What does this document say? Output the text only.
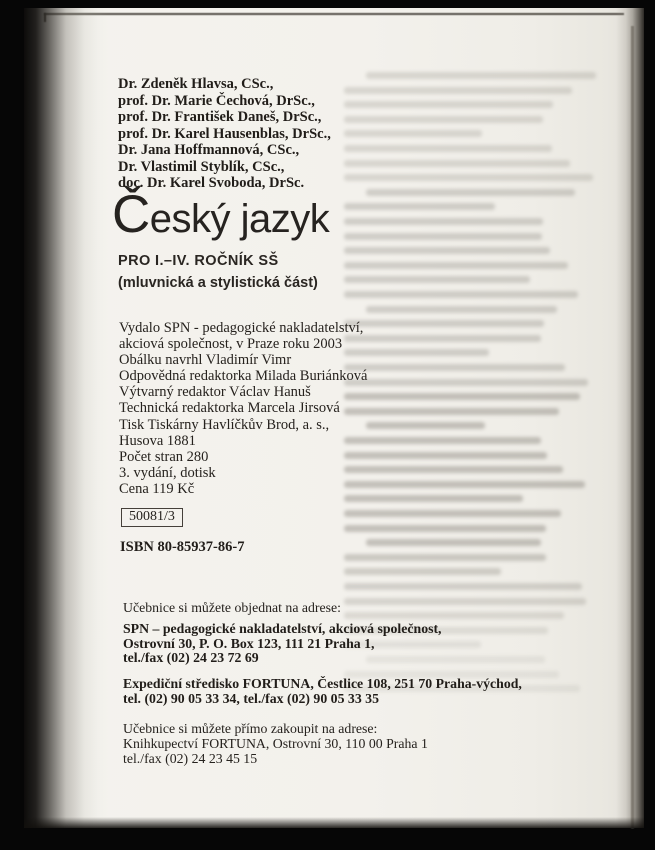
Dr. Zdeněk Hlavsa, CSc.,
prof. Dr. Marie Čechová, DrSc.,
prof. Dr. František Daneš, DrSc.,
prof. Dr. Karel Hausenblas, DrSc.,
Dr. Jana Hoffmannová, CSc.,
Dr. Vlastimil Styblík, CSc.,
doc. Dr. Karel Svoboda, DrSc.
Český jazyk
PRO I.–IV. ROČNÍK SŠ
(mluvnická a stylistická část)
Vydalo SPN - pedagogické nakladatelství,
akciová společnost, v Praze roku 2003
Obálku navrhl Vladimír Vimr
Odpovědná redaktorka Milada Buriánková
Výtvarný redaktor Václav Hanuš
Technická redaktorka Marcela Jirsová
Tisk Tiskárny Havlíčkův Brod, a. s.,
Husova 1881
Počet stran 280
3. vydání, dotisk
Cena 119 Kč
50081/3
ISBN 80-85937-86-7
Učebnice si můžete objednat na adrese:
SPN – pedagogické nakladatelství, akciová společnost,
Ostrovní 30, P. O. Box 123, 111 21 Praha 1,
tel./fax (02) 24 23 72 69
Expediční středisko FORTUNA, Čestlice 108, 251 70 Praha-východ,
tel. (02) 90 05 33 34, tel./fax (02) 90 05 33 35
Učebnice si můžete přímo zakoupit na adrese:
Knihkupectví FORTUNA, Ostrovní 30, 110 00 Praha 1
tel./fax (02) 24 23 45 15
